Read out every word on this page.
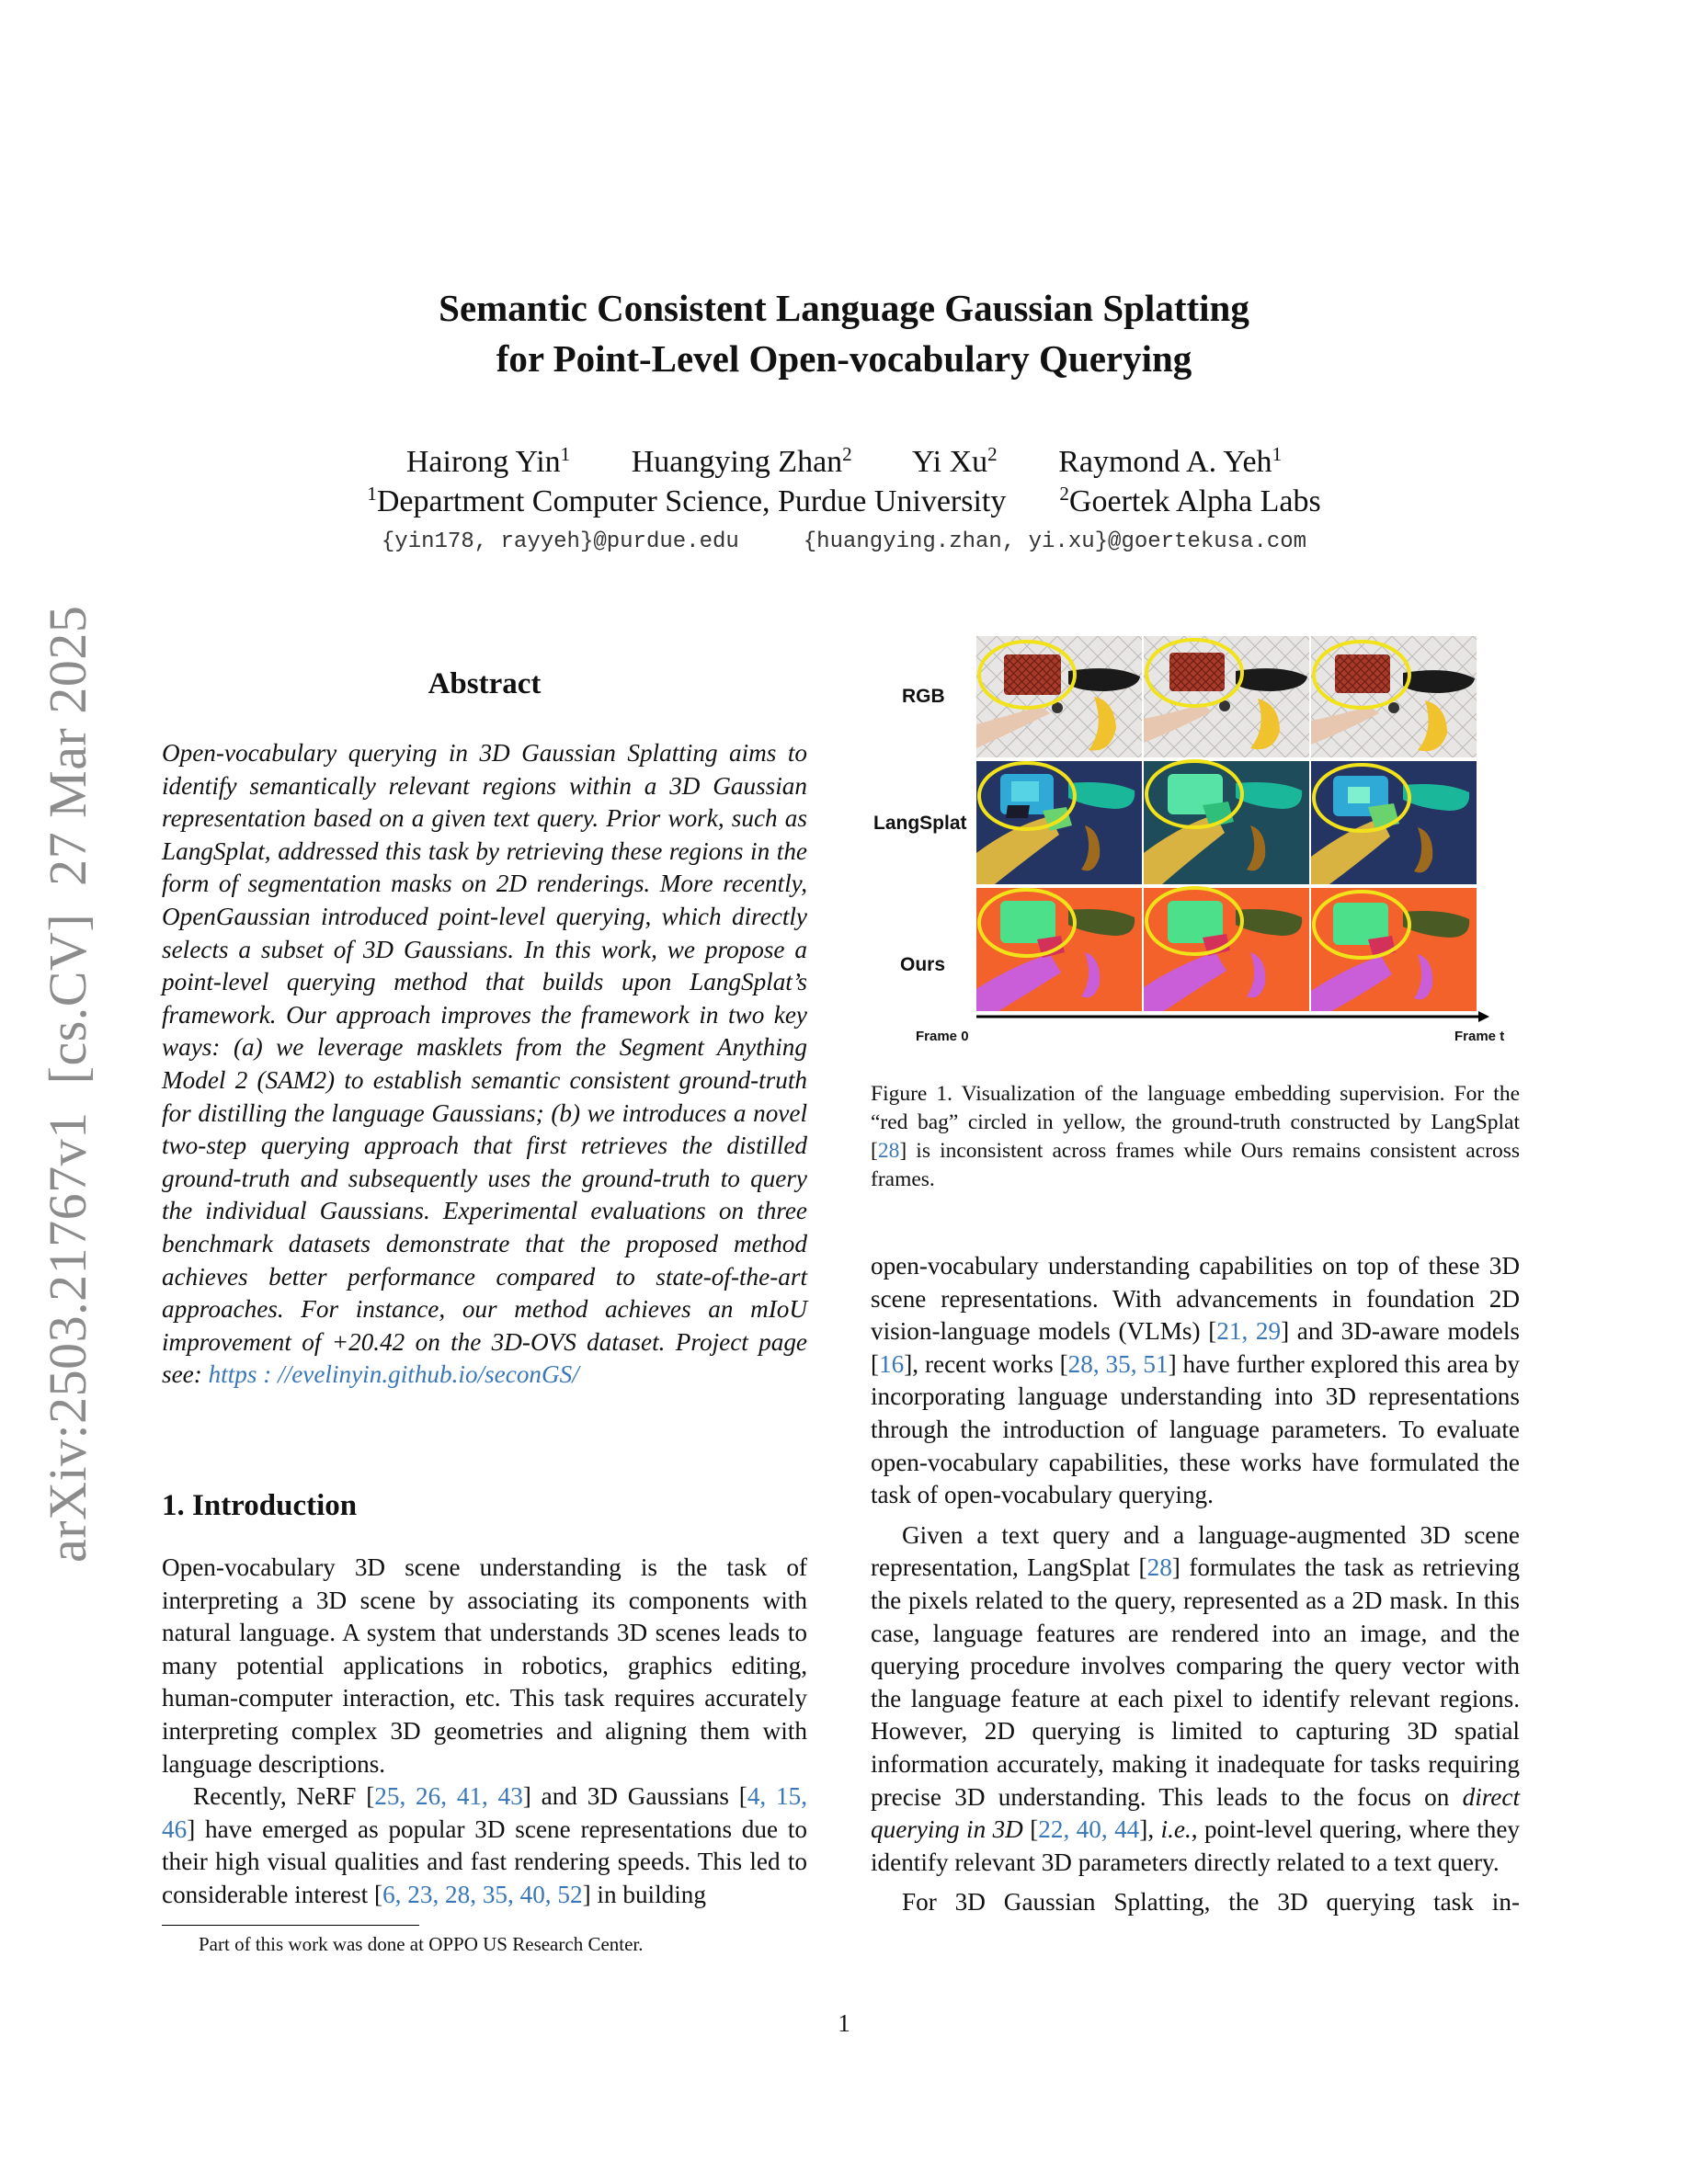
arXiv:2503.21767v1  [cs.CV]  27 Mar 2025
Semantic Consistent Language Gaussian Splatting
for Point-Level Open-vocabulary Querying
Hairong Yin$^1$ Huangying Zhan$^2$ Yi Xu$^2$ Raymond A. Yeh$^1$
$^1$Department Computer Science, Purdue University	$^2$Goertek Alpha Labs
{yin178, rayyeh}@purdue.edu	{huangying.zhan, yi.xu}@goertekusa.com
Abstract
Open-vocabulary querying in 3D Gaussian Splatting aims to identify semantically relevant regions within a 3D Gaussian representation based on a given text query. Prior work, such as LangSplat, addressed this task by retrieving these regions in the form of segmentation masks on 2D renderings. More recently, OpenGaussian introduced point-level querying, which directly selects a subset of 3D Gaussians. In this work, we propose a point-level querying method that builds upon LangSplat’s framework. Our approach improves the framework in two key ways: (a) we leverage masklets from the Segment Anything Model 2 (SAM2) to establish semantic consistent ground-truth for distilling the language Gaussians; (b) we introduces a novel two-step querying approach that first retrieves the distilled ground-truth and subsequently uses the ground-truth to query the individual Gaussians. Experimental evaluations on three benchmark datasets demonstrate that the proposed method achieves better performance compared to state-of-the-art approaches. For instance, our method achieves an mIoU improvement of +20.42 on the 3D-OVS dataset. Project page see: https : //evelinyin.github.io/seconGS/
1. Introduction

Open-vocabulary 3D scene understanding is the task of interpreting a 3D scene by associating its components with natural language. A system that understands 3D scenes leads to many potential applications in robotics, graphics editing, human-computer interaction, etc. This task requires accurately interpreting complex 3D geometries and aligning them with language descriptions.

Recently, NeRF [25, 26, 41, 43] and 3D Gaussians [4, 15, 46] have emerged as popular 3D scene representations due to their high visual qualities and fast rendering speeds. This led to considerable interest [6, 23, 28, 35, 40, 52] in building

Part of this work was done at OPPO US Research Center.
RGB
LangSplat
Ours
Frame 0	Frame t
Figure 1. Visualization of the language embedding supervision. For the “red bag” circled in yellow, the ground-truth constructed by LangSplat [28] is inconsistent across frames while Ours remains consistent across frames.

open-vocabulary understanding capabilities on top of these 3D scene representations. With advancements in foundation 2D vision-language models (VLMs) [21, 29] and 3D-aware models [16], recent works [28, 35, 51] have further explored this area by incorporating language understanding into 3D representations through the introduction of language parameters. To evaluate open-vocabulary capabilities, these works have formulated the task of open-vocabulary querying.

Given a text query and a language-augmented 3D scene representation, LangSplat [28] formulates the task as retrieving the pixels related to the query, represented as a 2D mask. In this case, language features are rendered into an image, and the querying procedure involves comparing the query vector with the language feature at each pixel to identify relevant regions. However, 2D querying is limited to capturing 3D spatial information accurately, making it inadequate for tasks requiring precise 3D understanding. This leads to the focus on direct querying in 3D [22, 40, 44], i.e., point-level quering, where they identify relevant 3D parameters directly related to a text query.

For 3D Gaussian Splatting, the 3D querying task in-

1
